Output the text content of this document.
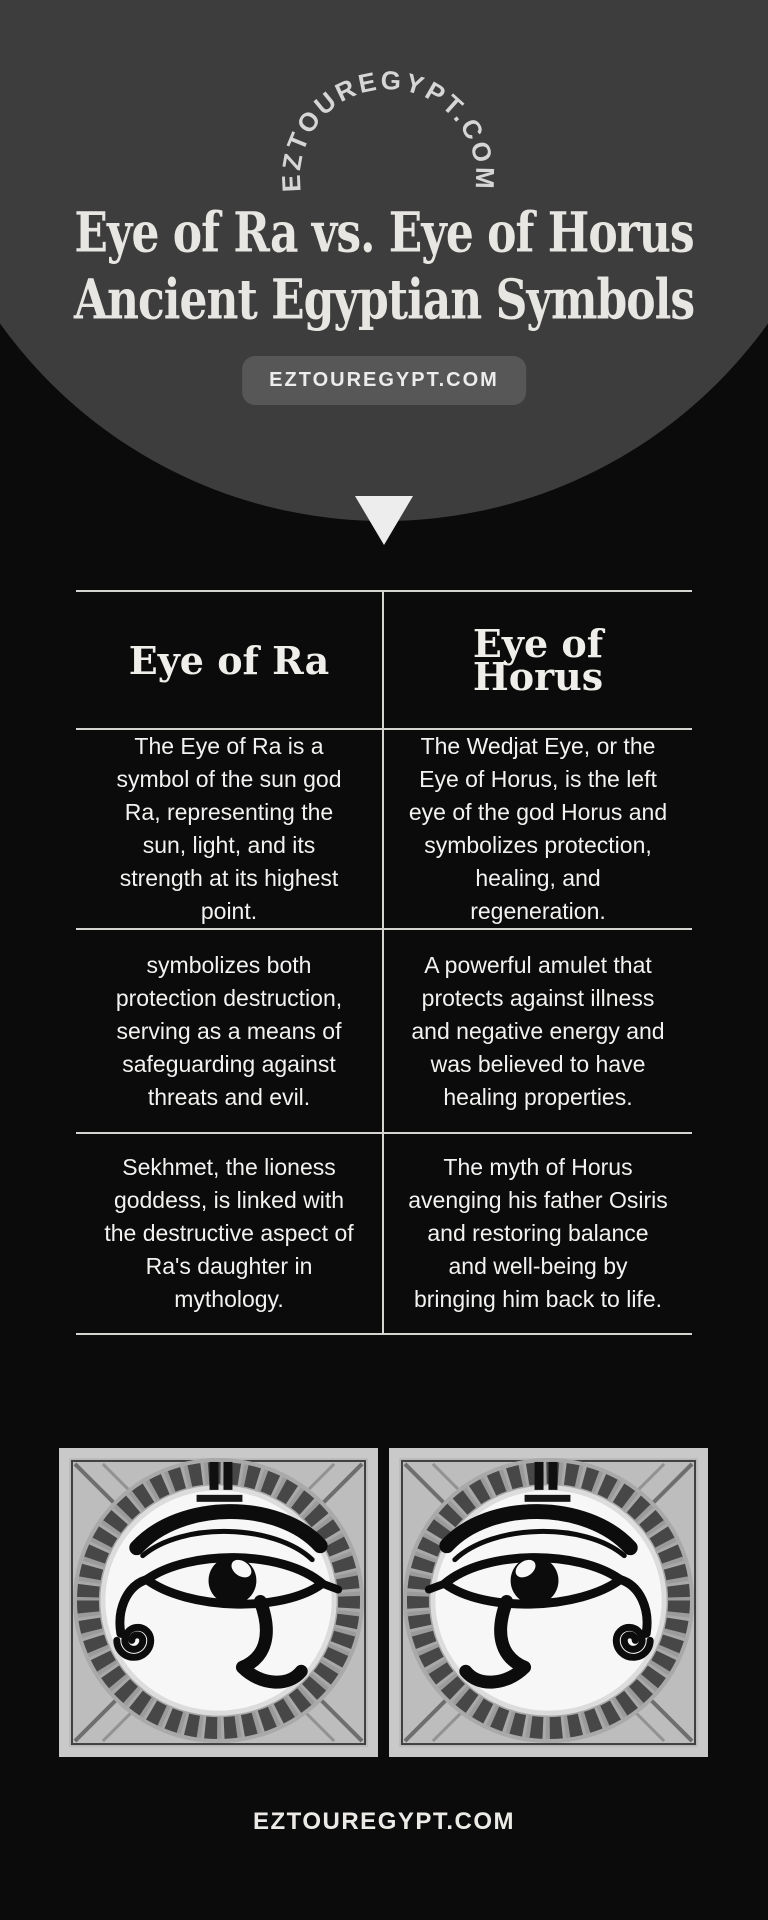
EZTOUREGYPT.COM
Eye of Ra vs. Eye of Horus
Ancient Egyptian Symbols
EZTOUREGYPT.COM
Eye of Ra	Eye of Horus
The Eye of Ra is a symbol of the sun god Ra, representing the sun, light, and its strength at its highest point.
The Wedjat Eye, or the Eye of Horus, is the left eye of the god Horus and symbolizes protection, healing, and regeneration.
symbolizes both protection destruction, serving as a means of safeguarding against threats and evil.
A powerful amulet that protects against illness and negative energy and was believed to have healing properties.
Sekhmet, the lioness goddess, is linked with the destructive aspect of Ra's daughter in mythology.
The myth of Horus avenging his father Osiris and restoring balance and well-being by bringing him back to life.
EZTOUREGYPT.COM
